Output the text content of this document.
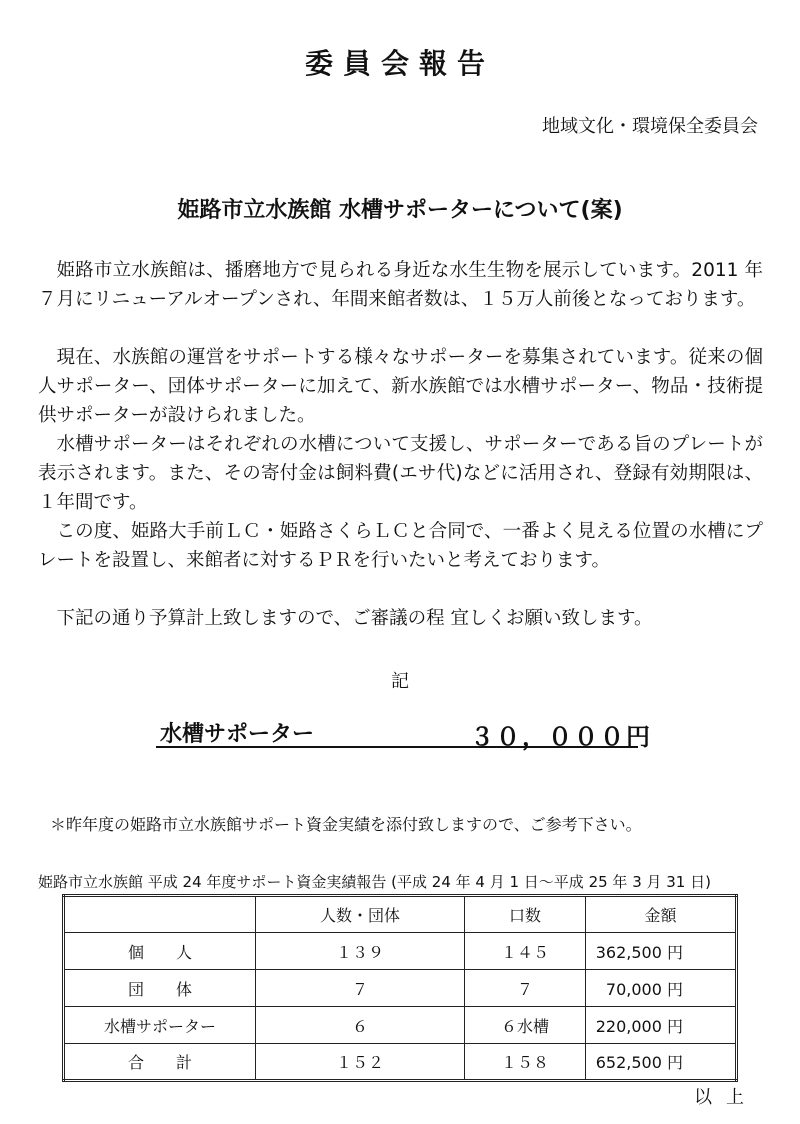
委員会報告
地域文化・環境保全委員会
姫路市立水族館 水槽サポーターについて(案)

姫路市立水族館は、播磨地方で見られる身近な水生生物を展示しています。2011 年７月にリニューアルオープンされ、年間来館者数は、１５万人前後となっております。

現在、水族館の運営をサポートする様々なサポーターを募集されています。従来の個人サポーター、団体サポーターに加えて、新水族館では水槽サポーター、物品・技術提供サポーターが設けられました。

水槽サポーターはそれぞれの水槽について支援し、サポーターである旨のプレートが表示されます。また、その寄付金は飼料費(エサ代)などに活用され、登録有効期限は、１年間です。

この度、姫路大手前ＬＣ・姫路さくらＬＣと合同で、一番よく見える位置の水槽にプレートを設置し、来館者に対するＰＲを行いたいと考えております。

下記の通り予算計上致しますので、ご審議の程 宜しくお願い致します。

記
水槽サポーター	３０，０００円
＊昨年度の姫路市立水族館サポート資金実績を添付致しますので、ご参考下さい。
姫路市立水族館 平成 24 年度サポート資金実績報告 (平成 24 年 4 月 1 日～平成 25 年 3 月 31 日)
	人数・団体	口数	金額
個　　人	１３９	１４５	362,500 円
団　　体	７	７	70,000 円
水槽サポーター	６	６水槽	220,000 円
合　　計	１５２	１５８	652,500 円
以上
